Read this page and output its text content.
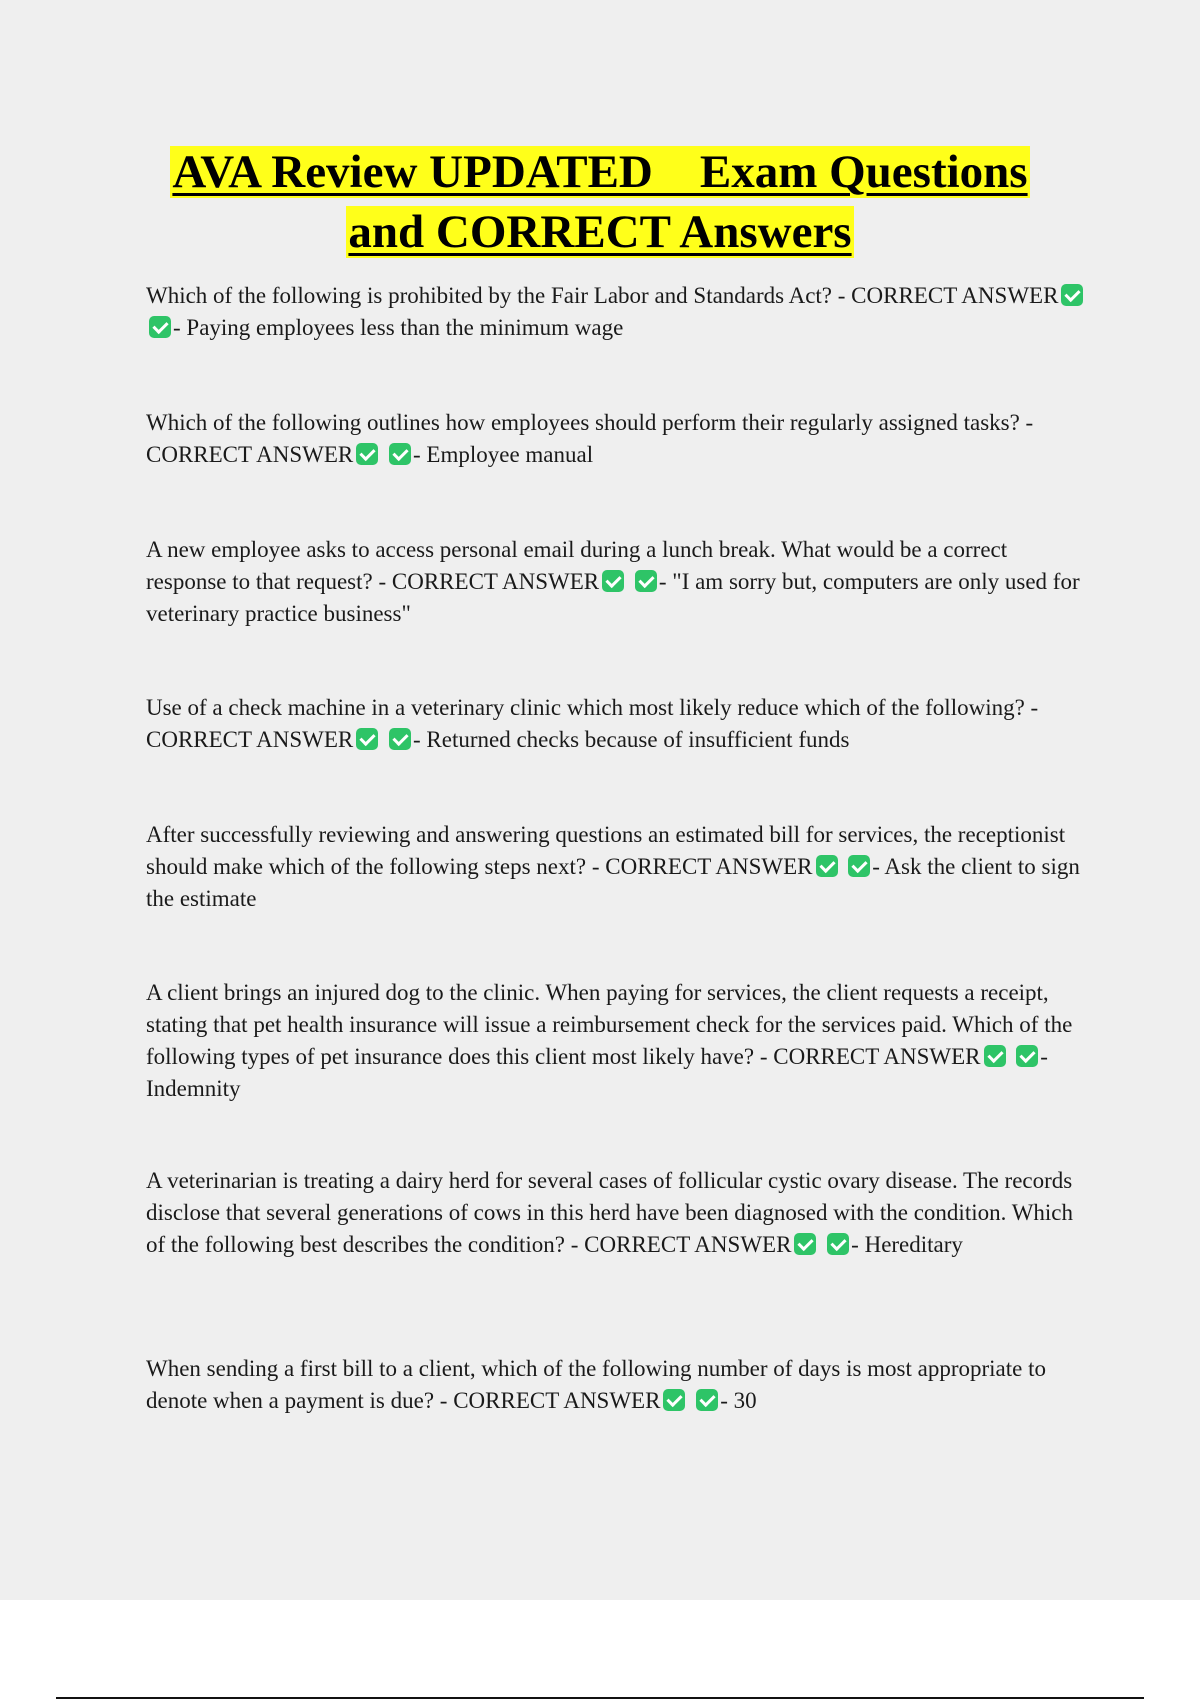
AVA Review UPDATED    Exam Questions
and CORRECT Answers

Which of the following is prohibited by the Fair Labor and Standards Act? - CORRECT ANSWER - Paying employees less than the minimum wage

Which of the following outlines how employees should perform their regularly assigned tasks? - CORRECT ANSWER	- Employee manual

A new employee asks to access personal email during a lunch break. What would be a correct response to that request? - CORRECT ANSWER	- "I am sorry but, computers are only used for veterinary practice business"

Use of a check machine in a veterinary clinic which most likely reduce which of the following? - CORRECT ANSWER	- Returned checks because of insufficient funds

After successfully reviewing and answering questions an estimated bill for services, the receptionist should make which of the following steps next? - CORRECT ANSWER	- Ask the client to sign the estimate

A client brings an injured dog to the clinic. When paying for services, the client requests a receipt, stating that pet health insurance will issue a reimbursement check for the services paid. Which of the following types of pet insurance does this client most likely have? - CORRECT ANSWER	- Indemnity

A veterinarian is treating a dairy herd for several cases of follicular cystic ovary disease. The records disclose that several generations of cows in this herd have been diagnosed with the condition. Which of the following best describes the condition? - CORRECT ANSWER	- Hereditary

When sending a first bill to a client, which of the following number of days is most appropriate to denote when a payment is due? - CORRECT ANSWER	- 30
